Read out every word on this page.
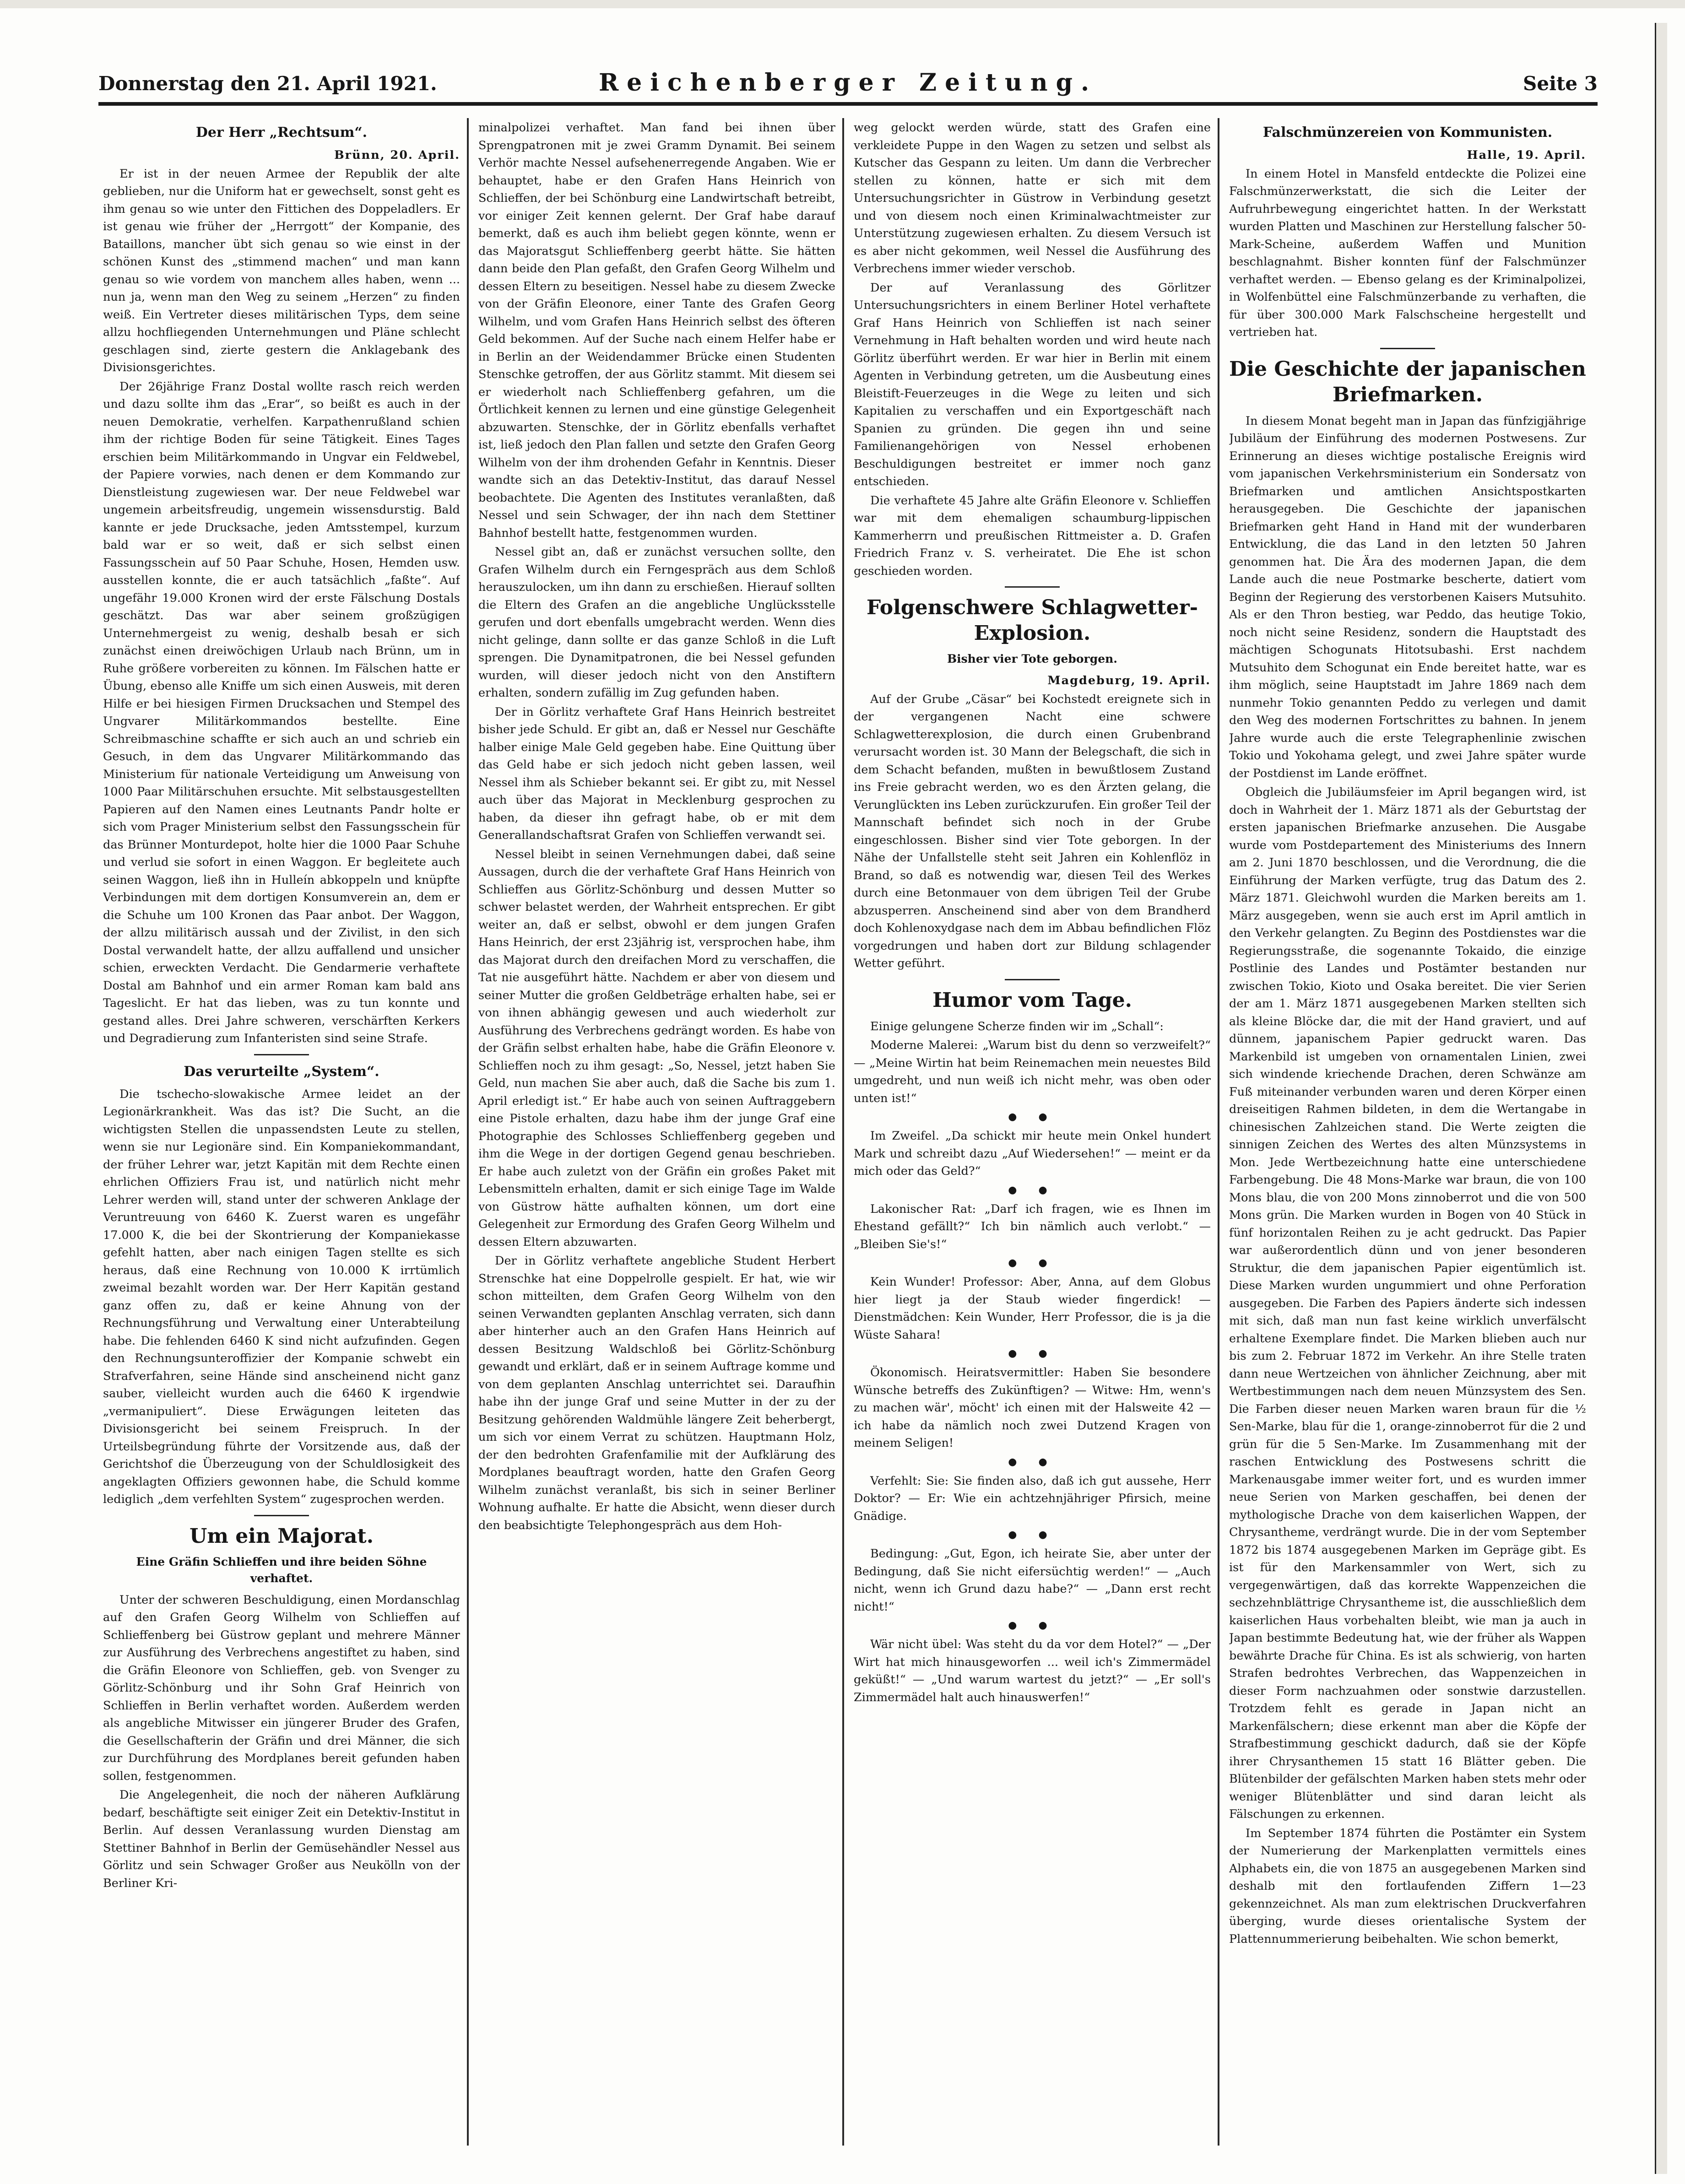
Donnerstag den 21. April 1921.	Reichenberger Zeitung.	Seite 3
Der Herr „Rechtsum“.
Brünn, 20. April.

Er ist in der neuen Armee der Republik der alte geblieben, nur die Uniform hat er gewechselt, sonst geht es ihm genau so wie unter den Fittichen des Doppeladlers. Er ist genau wie früher der „Herrgott“ der Kompanie, des Bataillons, mancher übt sich genau so wie einst in der schönen Kunst des „stimmend machen“ und man kann genau so wie vordem von manchem alles haben, wenn ... nun ja, wenn man den Weg zu seinem „Herzen“ zu finden weiß. Ein Vertreter dieses militärischen Typs, dem seine allzu hochfliegenden Unternehmungen und Pläne schlecht geschlagen sind, zierte gestern die Anklagebank des Divisionsgerichtes.

Der 26jährige Franz Dostal wollte rasch reich werden und dazu sollte ihm das „Erar“, so beißt es auch in der neuen Demokratie, verhelfen. Karpathenrußland schien ihm der richtige Boden für seine Tätigkeit. Eines Tages erschien beim Militärkommando in Ungvar ein Feldwebel, der Papiere vorwies, nach denen er dem Kommando zur Dienstleistung zugewiesen war. Der neue Feldwebel war ungemein arbeitsfreudig, ungemein wissensdurstig. Bald kannte er jede Drucksache, jeden Amtsstempel, kurzum bald war er so weit, daß er sich selbst einen Fassungsschein auf 50 Paar Schuhe, Hosen, Hemden usw. ausstellen konnte, die er auch tatsächlich „faßte“. Auf ungefähr 19.000 Kronen wird der erste Fälschung Dostals geschätzt. Das war aber seinem großzügigen Unternehmergeist zu wenig, deshalb besah er sich zunächst einen dreiwöchigen Urlaub nach Brünn, um in Ruhe größere vorbereiten zu können. Im Fälschen hatte er Übung, ebenso alle Kniffe um sich einen Ausweis, mit deren Hilfe er bei hiesigen Firmen Drucksachen und Stempel des Ungvarer Militärkommandos bestellte. Eine Schreibmaschine schaffte er sich auch an und schrieb ein Gesuch, in dem das Ungvarer Militärkommando das Ministerium für nationale Verteidigung um Anweisung von 1000 Paar Militärschuhen ersuchte. Mit selbstausgestellten Papieren auf den Namen eines Leutnants Pandr holte er sich vom Prager Ministerium selbst den Fassungsschein für das Brünner Monturdepot, holte hier die 1000 Paar Schuhe und verlud sie sofort in einen Waggon. Er begleitete auch seinen Waggon, ließ ihn in Hulleín abkoppeln und knüpfte Verbindungen mit dem dortigen Konsumverein an, dem er die Schuhe um 100 Kronen das Paar anbot. Der Waggon, der allzu militärisch aussah und der Zivilist, in den sich Dostal verwandelt hatte, der allzu auffallend und unsicher schien, erweckten Verdacht. Die Gendarmerie verhaftete Dostal am Bahnhof und ein armer Roman kam bald ans Tageslicht. Er hat das lieben, was zu tun konnte und gestand alles. Drei Jahre schweren, verschärften Kerkers und Degradierung zum Infanteristen sind seine Strafe.

Das verurteilte „System“.

Die tschecho-slowakische Armee leidet an der Legionärkrankheit. Was das ist? Die Sucht, an die wichtigsten Stellen die unpassendsten Leute zu stellen, wenn sie nur Legionäre sind. Ein Kompaniekommandant, der früher Lehrer war, jetzt Kapitän mit dem Rechte einen ehrlichen Offiziers Frau ist, und natürlich nicht mehr Lehrer werden will, stand unter der schweren Anklage der Veruntreuung von 6460 K. Zuerst waren es ungefähr 17.000 K, die bei der Skontrierung der Kompaniekasse gefehlt hatten, aber nach einigen Tagen stellte es sich heraus, daß eine Rechnung von 10.000 K irrtümlich zweimal bezahlt worden war. Der Herr Kapitän gestand ganz offen zu, daß er keine Ahnung von der Rechnungsführung und Verwaltung einer Unterabteilung habe. Die fehlenden 6460 K sind nicht aufzufinden. Gegen den Rechnungsunteroffizier der Kompanie schwebt ein Strafverfahren, seine Hände sind anscheinend nicht ganz sauber, vielleicht wurden auch die 6460 K irgendwie „vermanipuliert“. Diese Erwägungen leiteten das Divisionsgericht bei seinem Freispruch. In der Urteilsbegründung führte der Vorsitzende aus, daß der Gerichtshof die Überzeugung von der Schuldlosigkeit des angeklagten Offiziers gewonnen habe, die Schuld komme lediglich „dem verfehlten System“ zugesprochen werden.

Um ein Majorat.
Eine Gräfin Schlieffen und ihre beiden Söhne verhaftet.

Unter der schweren Beschuldigung, einen Mordanschlag auf den Grafen Georg Wilhelm von Schlieffen auf Schlieffenberg bei Güstrow geplant und mehrere Männer zur Ausführung des Verbrechens angestiftet zu haben, sind die Gräfin Eleonore von Schlieffen, geb. von Svenger zu Görlitz-Schönburg und ihr Sohn Graf Heinrich von Schlieffen in Berlin verhaftet worden. Außerdem werden als angebliche Mitwisser ein jüngerer Bruder des Grafen, die Gesellschafterin der Gräfin und drei Männer, die sich zur Durchführung des Mordplanes bereit gefunden haben sollen, festgenommen.

Die Angelegenheit, die noch der näheren Aufklärung bedarf, beschäftigte seit einiger Zeit ein Detektiv-Institut in Berlin. Auf dessen Veranlassung wurden Dienstag am Stettiner Bahnhof in Berlin der Gemüsehändler Nessel aus Görlitz und sein Schwager Großer aus Neukölln von der Berliner Kri-

minalpolizei verhaftet. Man fand bei ihnen über Sprengpatronen mit je zwei Gramm Dynamit. Bei seinem Verhör machte Nessel aufsehenerregende Angaben. Wie er behauptet, habe er den Grafen Hans Heinrich von Schlieffen, der bei Schönburg eine Landwirtschaft betreibt, vor einiger Zeit kennen gelernt. Der Graf habe darauf bemerkt, daß es auch ihm beliebt gegen könnte, wenn er das Majoratsgut Schlieffenberg geerbt hätte. Sie hätten dann beide den Plan gefaßt, den Grafen Georg Wilhelm und dessen Eltern zu beseitigen. Nessel habe zu diesem Zwecke von der Gräfin Eleonore, einer Tante des Grafen Georg Wilhelm, und vom Grafen Hans Heinrich selbst des öfteren Geld bekommen. Auf der Suche nach einem Helfer habe er in Berlin an der Weidendammer Brücke einen Studenten Stenschke getroffen, der aus Görlitz stammt. Mit diesem sei er wiederholt nach Schlieffenberg gefahren, um die Örtlichkeit kennen zu lernen und eine günstige Gelegenheit abzuwarten. Stenschke, der in Görlitz ebenfalls verhaftet ist, ließ jedoch den Plan fallen und setzte den Grafen Georg Wilhelm von der ihm drohenden Gefahr in Kenntnis. Dieser wandte sich an das Detektiv-Institut, das darauf Nessel beobachtete. Die Agenten des Institutes veranlaßten, daß Nessel und sein Schwager, der ihn nach dem Stettiner Bahnhof bestellt hatte, festgenommen wurden.

Nessel gibt an, daß er zunächst versuchen sollte, den Grafen Wilhelm durch ein Ferngespräch aus dem Schloß herauszulocken, um ihn dann zu erschießen. Hierauf sollten die Eltern des Grafen an die angebliche Unglücksstelle gerufen und dort ebenfalls umgebracht werden. Wenn dies nicht gelinge, dann sollte er das ganze Schloß in die Luft sprengen. Die Dynamitpatronen, die bei Nessel gefunden wurden, will dieser jedoch nicht von den Anstiftern erhalten, sondern zufällig im Zug gefunden haben.

Der in Görlitz verhaftete Graf Hans Heinrich bestreitet bisher jede Schuld. Er gibt an, daß er Nessel nur Geschäfte halber einige Male Geld gegeben habe. Eine Quittung über das Geld habe er sich jedoch nicht geben lassen, weil Nessel ihm als Schieber bekannt sei. Er gibt zu, mit Nessel auch über das Majorat in Mecklenburg gesprochen zu haben, da dieser ihn gefragt habe, ob er mit dem Generallandschaftsrat Grafen von Schlieffen verwandt sei.

Nessel bleibt in seinen Vernehmungen dabei, daß seine Aussagen, durch die der verhaftete Graf Hans Heinrich von Schlieffen aus Görlitz-Schönburg und dessen Mutter so schwer belastet werden, der Wahrheit entsprechen. Er gibt weiter an, daß er selbst, obwohl er dem jungen Grafen Hans Heinrich, der erst 23jährig ist, versprochen habe, ihm das Majorat durch den dreifachen Mord zu verschaffen, die Tat nie ausgeführt hätte. Nachdem er aber von diesem und seiner Mutter die großen Geldbeträge erhalten habe, sei er von ihnen abhängig gewesen und auch wiederholt zur Ausführung des Verbrechens gedrängt worden. Es habe von der Gräfin selbst erhalten habe, habe die Gräfin Eleonore v. Schlieffen noch zu ihm gesagt: „So, Nessel, jetzt haben Sie Geld, nun machen Sie aber auch, daß die Sache bis zum 1. April erledigt ist.“ Er habe auch von seinen Auftraggebern eine Pistole erhalten, dazu habe ihm der junge Graf eine Photographie des Schlosses Schlieffenberg gegeben und ihm die Wege in der dortigen Gegend genau beschrieben. Er habe auch zuletzt von der Gräfin ein großes Paket mit Lebensmitteln erhalten, damit er sich einige Tage im Walde von Güstrow hätte aufhalten können, um dort eine Gelegenheit zur Ermordung des Grafen Georg Wilhelm und dessen Eltern abzuwarten.

Der in Görlitz verhaftete angebliche Student Herbert Strenschke hat eine Doppelrolle gespielt. Er hat, wie wir schon mitteilten, dem Grafen Georg Wilhelm von den seinen Verwandten geplanten Anschlag verraten, sich dann aber hinterher auch an den Grafen Hans Heinrich auf dessen Besitzung Waldschloß bei Görlitz-Schönburg gewandt und erklärt, daß er in seinem Auftrage komme und von dem geplanten Anschlag unterrichtet sei. Daraufhin habe ihn der junge Graf und seine Mutter in der zu der Besitzung gehörenden Waldmühle längere Zeit beherbergt, um sich vor einem Verrat zu schützen. Hauptmann Holz, der den bedrohten Grafenfamilie mit der Aufklärung des Mordplanes beauftragt worden, hatte den Grafen Georg Wilhelm zunächst veranlaßt, bis sich in seiner Berliner Wohnung aufhalte. Er hatte die Absicht, wenn dieser durch den beabsichtigte Telephongespräch aus dem Hoh-

weg gelockt werden würde, statt des Grafen eine verkleidete Puppe in den Wagen zu setzen und selbst als Kutscher das Gespann zu leiten. Um dann die Verbrecher stellen zu können, hatte er sich mit dem Untersuchungsrichter in Güstrow in Verbindung gesetzt und von diesem noch einen Kriminalwachtmeister zur Unterstützung zugewiesen erhalten. Zu diesem Versuch ist es aber nicht gekommen, weil Nessel die Ausführung des Verbrechens immer wieder verschob.

Der auf Veranlassung des Görlitzer Untersuchungsrichters in einem Berliner Hotel verhaftete Graf Hans Heinrich von Schlieffen ist nach seiner Vernehmung in Haft behalten worden und wird heute nach Görlitz überführt werden. Er war hier in Berlin mit einem Agenten in Verbindung getreten, um die Ausbeutung eines Bleistift-Feuerzeuges in die Wege zu leiten und sich Kapitalien zu verschaffen und ein Exportgeschäft nach Spanien zu gründen. Die gegen ihn und seine Familienangehörigen von Nessel erhobenen Beschuldigungen bestreitet er immer noch ganz entschieden.

Die verhaftete 45 Jahre alte Gräfin Eleonore v. Schlieffen war mit dem ehemaligen schaumburg-lippischen Kammerherrn und preußischen Rittmeister a. D. Grafen Friedrich Franz v. S. verheiratet. Die Ehe ist schon geschieden worden.

Folgenschwere Schlagwetter-Explosion.
Bisher vier Tote geborgen.
Magdeburg, 19. April.

Auf der Grube „Cäsar“ bei Kochstedt ereignete sich in der vergangenen Nacht eine schwere Schlagwetterexplosion, die durch einen Grubenbrand verursacht worden ist. 30 Mann der Belegschaft, die sich in dem Schacht befanden, mußten in bewußtlosem Zustand ins Freie gebracht werden, wo es den Ärzten gelang, die Verunglückten ins Leben zurückzurufen. Ein großer Teil der Mannschaft befindet sich noch in der Grube eingeschlossen. Bisher sind vier Tote geborgen. In der Nähe der Unfallstelle steht seit Jahren ein Kohlenflöz in Brand, so daß es notwendig war, diesen Teil des Werkes durch eine Betonmauer von dem übrigen Teil der Grube abzusperren. Anscheinend sind aber von dem Brandherd doch Kohlenoxydgase nach dem im Abbau befindlichen Flöz vorgedrungen und haben dort zur Bildung schlagender Wetter geführt.

Humor vom Tage.

Einige gelungene Scherze finden wir im „Schall“:

Moderne Malerei: „Warum bist du denn so verzweifelt?“ — „Meine Wirtin hat beim Reinemachen mein neuestes Bild umgedreht, und nun weiß ich nicht mehr, was oben oder unten ist!“

● ●

Im Zweifel. „Da schickt mir heute mein Onkel hundert Mark und schreibt dazu „Auf Wiedersehen!“ — meint er da mich oder das Geld?“

● ●

Lakonischer Rat: „Darf ich fragen, wie es Ihnen im Ehestand gefällt?“ Ich bin nämlich auch verlobt.“ — „Bleiben Sie's!“

● ●

Kein Wunder! Professor: Aber, Anna, auf dem Globus hier liegt ja der Staub wieder fingerdick! — Dienstmädchen: Kein Wunder, Herr Professor, die is ja die Wüste Sahara!

● ●

Ökonomisch. Heiratsvermittler: Haben Sie besondere Wünsche betreffs des Zukünftigen? — Witwe: Hm, wenn's zu machen wär', möcht' ich einen mit der Halsweite 42 — ich habe da nämlich noch zwei Dutzend Kragen von meinem Seligen!

● ●

Verfehlt: Sie: Sie finden also, daß ich gut aussehe, Herr Doktor? — Er: Wie ein achtzehnjähriger Pfirsich, meine Gnädige.

● ●

Bedingung: „Gut, Egon, ich heirate Sie, aber unter der Bedingung, daß Sie nicht eifersüchtig werden!“ — „Auch nicht, wenn ich Grund dazu habe?“ — „Dann erst recht nicht!“

● ●

Wär nicht übel: Was steht du da vor dem Hotel?“ — „Der Wirt hat mich hinausgeworfen ... weil ich's Zimmermädel geküßt!“ — „Und warum wartest du jetzt?“ — „Er soll's Zimmermädel halt auch hinauswerfen!“

Falschmünzereien von Kommunisten.
Halle, 19. April.

In einem Hotel in Mansfeld entdeckte die Polizei eine Falschmünzerwerkstatt, die sich die Leiter der Aufruhrbewegung eingerichtet hatten. In der Werkstatt wurden Platten und Maschinen zur Herstellung falscher 50-Mark-Scheine, außerdem Waffen und Munition beschlagnahmt. Bisher konnten fünf der Falschmünzer verhaftet werden. — Ebenso gelang es der Kriminalpolizei, in Wolfenbüttel eine Falschmünzerbande zu verhaften, die für über 300.000 Mark Falschscheine hergestellt und vertrieben hat.

Die Geschichte der japanischen Briefmarken.

In diesem Monat begeht man in Japan das fünfzigjährige Jubiläum der Einführung des modernen Postwesens. Zur Erinnerung an dieses wichtige postalische Ereignis wird vom japanischen Verkehrsministerium ein Sondersatz von Briefmarken und amtlichen Ansichtspostkarten herausgegeben. Die Geschichte der japanischen Briefmarken geht Hand in Hand mit der wunderbaren Entwicklung, die das Land in den letzten 50 Jahren genommen hat. Die Ära des modernen Japan, die dem Lande auch die neue Postmarke bescherte, datiert vom Beginn der Regierung des verstorbenen Kaisers Mutsuhito. Als er den Thron bestieg, war Peddo, das heutige Tokio, noch nicht seine Residenz, sondern die Hauptstadt des mächtigen Schogunats Hitotsubashi. Erst nachdem Mutsuhito dem Schogunat ein Ende bereitet hatte, war es ihm möglich, seine Hauptstadt im Jahre 1869 nach dem nunmehr Tokio genannten Peddo zu verlegen und damit den Weg des modernen Fortschrittes zu bahnen. In jenem Jahre wurde auch die erste Telegraphenlinie zwischen Tokio und Yokohama gelegt, und zwei Jahre später wurde der Postdienst im Lande eröffnet.

Obgleich die Jubiläumsfeier im April begangen wird, ist doch in Wahrheit der 1. März 1871 als der Geburtstag der ersten japanischen Briefmarke anzusehen. Die Ausgabe wurde vom Postdepartement des Ministeriums des Innern am 2. Juni 1870 beschlossen, und die Verordnung, die die Einführung der Marken verfügte, trug das Datum des 2. März 1871. Gleichwohl wurden die Marken bereits am 1. März ausgegeben, wenn sie auch erst im April amtlich in den Verkehr gelangten. Zu Beginn des Postdienstes war die Regierungsstraße, die sogenannte Tokaido, die einzige Postlinie des Landes und Postämter bestanden nur zwischen Tokio, Kioto und Osaka bereitet. Die vier Serien der am 1. März 1871 ausgegebenen Marken stellten sich als kleine Blöcke dar, die mit der Hand graviert, und auf dünnem, japanischem Papier gedruckt waren. Das Markenbild ist umgeben von ornamentalen Linien, zwei sich windende kriechende Drachen, deren Schwänze am Fuß miteinander verbunden waren und deren Körper einen dreiseitigen Rahmen bildeten, in dem die Wertangabe in chinesischen Zahlzeichen stand. Die Werte zeigten die sinnigen Zeichen des Wertes des alten Münzsystems in Mon. Jede Wertbezeichnung hatte eine unterschiedene Farbengebung. Die 48 Mons-Marke war braun, die von 100 Mons blau, die von 200 Mons zinnoberrot und die von 500 Mons grün. Die Marken wurden in Bogen von 40 Stück in fünf horizontalen Reihen zu je acht gedruckt. Das Papier war außerordentlich dünn und von jener besonderen Struktur, die dem japanischen Papier eigentümlich ist. Diese Marken wurden ungummiert und ohne Perforation ausgegeben. Die Farben des Papiers änderte sich indessen mit sich, daß man nun fast keine wirklich unverfälscht erhaltene Exemplare findet. Die Marken blieben auch nur bis zum 2. Februar 1872 im Verkehr. An ihre Stelle traten dann neue Wertzeichen von ähnlicher Zeichnung, aber mit Wertbestimmungen nach dem neuen Münzsystem des Sen. Die Farben dieser neuen Marken waren braun für die ½ Sen-Marke, blau für die 1, orange-zinnoberrot für die 2 und grün für die 5 Sen-Marke. Im Zusammenhang mit der raschen Entwicklung des Postwesens schritt die Markenausgabe immer weiter fort, und es wurden immer neue Serien von Marken geschaffen, bei denen der mythologische Drache von dem kaiserlichen Wappen, der Chrysantheme, verdrängt wurde. Die in der vom September 1872 bis 1874 ausgegebenen Marken im Gepräge gibt. Es ist für den Markensammler von Wert, sich zu vergegenwärtigen, daß das korrekte Wappenzeichen die sechzehnblättrige Chrysantheme ist, die ausschließlich dem kaiserlichen Haus vorbehalten bleibt, wie man ja auch in Japan bestimmte Bedeutung hat, wie der früher als Wappen bewährte Drache für China. Es ist als schwierig, von harten Strafen bedrohtes Verbrechen, das Wappenzeichen in dieser Form nachzuahmen oder sonstwie darzustellen. Trotzdem fehlt es gerade in Japan nicht an Markenfälschern; diese erkennt man aber die Köpfe der Strafbestimmung geschickt dadurch, daß sie der Köpfe ihrer Chrysanthemen 15 statt 16 Blätter geben. Die Blütenbilder der gefälschten Marken haben stets mehr oder weniger Blütenblätter und sind daran leicht als Fälschungen zu erkennen.

Im September 1874 führten die Postämter ein System der Numerierung der Markenplatten vermittels eines Alphabets ein, die von 1875 an ausgegebenen Marken sind deshalb mit den fortlaufenden Ziffern 1—23 gekennzeichnet. Als man zum elektrischen Druckverfahren überging, wurde dieses orientalische System der Plattennummerierung beibehalten. Wie schon bemerkt,
